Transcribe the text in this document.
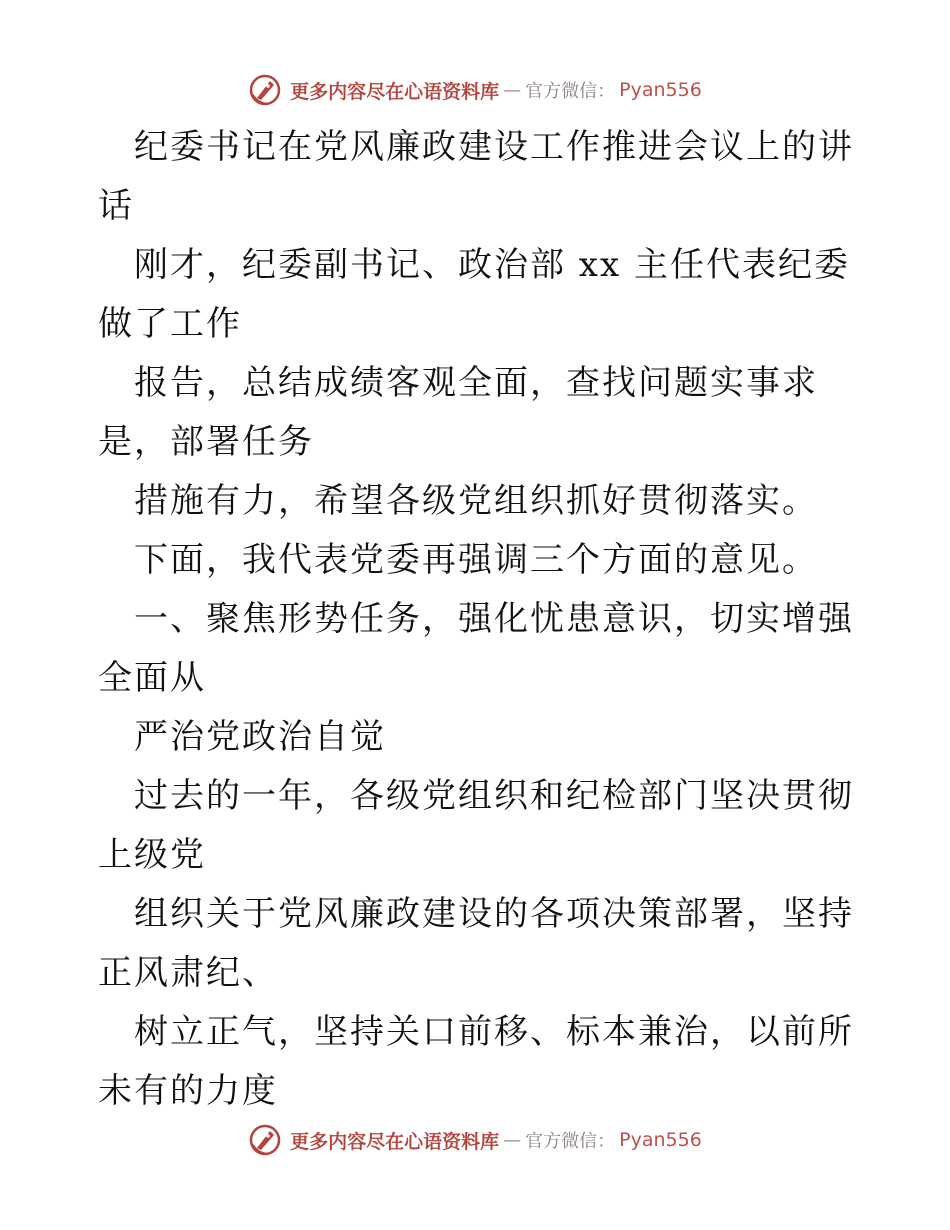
更多内容尽在心语资料库 — 官方微信： Pyan556

纪委书记在党风廉政建设工作推进会议上的讲话

刚才，纪委副书记、政治部 xx 主任代表纪委做了工作

报告，总结成绩客观全面，查找问题实事求是，部署任务

措施有力，希望各级党组织抓好贯彻落实。

下面，我代表党委再强调三个方面的意见。

一、聚焦形势任务，强化忧患意识，切实增强全面从

严治党政治自觉

过去的一年，各级党组织和纪检部门坚决贯彻上级党

组织关于党风廉政建设的各项决策部署，坚持正风肃纪、

树立正气，坚持关口前移、标本兼治，以前所未有的力度

更多内容尽在心语资料库 — 官方微信： Pyan556
